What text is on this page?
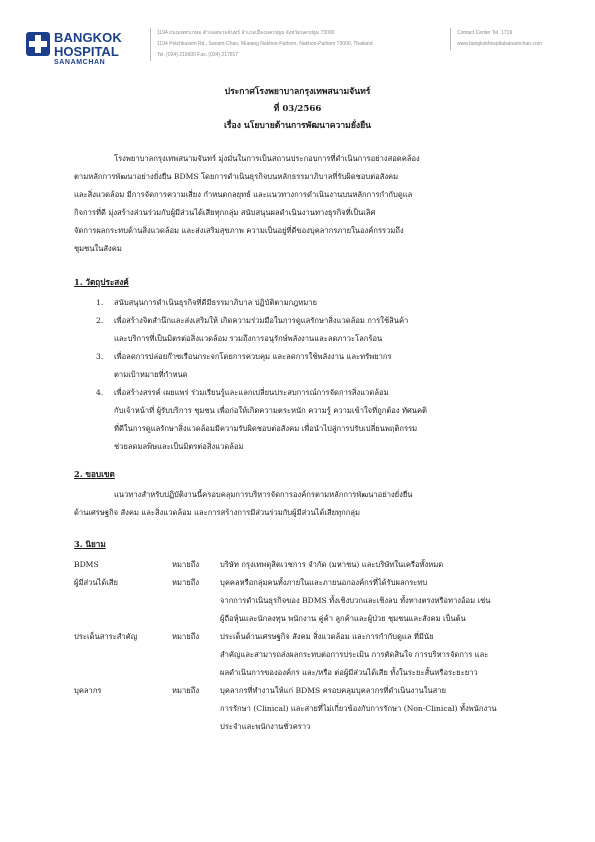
BANGKOK
HOSPITAL
SANAMCHAN
1194 ถนนเพชรเกษม ตำบลสนามจันทร์ อำเภอเมืองนครปฐม จังหวัดนครปฐม 73000
1194 Petchkasem Rd., Sanam-Chan, Mueang Nakhon-Pathom, Nakhon-Pathom 73000, Thailand
Tel. (034) 219600 Fax. (034) 217817
Contact Center Tel. 1719
www.bangkokhospitalsanamchan.com
ประกาศโรงพยาบาลกรุงเทพสนามจันทร์
ที่ 03/2566
เรื่อง นโยบายด้านการพัฒนาความยั่งยืน
โรงพยาบาลกรุงเทพสนามจันทร์ มุ่งมั่นในการเป็นสถานประกอบการที่ดำเนินการอย่างสอดคล้อง
ตามหลักการพัฒนาอย่างยั่งยืน BDMS โดยการดำเนินธุรกิจบนหลักธรรมาภิบาลที่รับผิดชอบต่อสังคม
และสิ่งแวดล้อม มีการจัดการความเสี่ยง กำหนดกลยุทธ์ และแนวทางการดำเนินงานบนหลักการกำกับดูแล
กิจการที่ดี มุ่งสร้างส่วนร่วมกับผู้มีส่วนได้เสียทุกกลุ่ม สนับสนุนผลดำเนินงานทางธุรกิจที่เป็นเลิศ
จัดการผลกระทบด้านสิ่งแวดล้อม และส่งเสริมสุขภาพ ความเป็นอยู่ที่ดีของบุคลากรภายในองค์กรรวมถึง
ชุมชนในสังคม
1. วัตถุประสงค์
1. สนับสนุนการดำเนินธุรกิจที่ดีมีธรรมาภิบาล ปฏิบัติตามกฎหมาย
2. เพื่อสร้างจิตสำนึกและส่งเสริมให้ เกิดความร่วมมือในการดูแลรักษาสิ่งแวดล้อม การใช้สินค้า
และบริการที่เป็นมิตรต่อสิ่งแวดล้อม รวมถึงการอนุรักษ์พลังงานและลดภาวะโลกร้อน
3. เพื่อลดการปล่อยก๊าซเรือนกระจกโดยการควบคุม และลดการใช้พลังงาน และทรัพยากร
ตามเป้าหมายที่กำหนด
4. เพื่อสร้างสรรค์ เผยแพร่ ร่วมเรียนรู้และแลกเปลี่ยนประสบการณ์การจัดการสิ่งแวดล้อม
กับเจ้าหน้าที่ ผู้รับบริการ ชุมชน เพื่อก่อให้เกิดความตระหนัก ความรู้ ความเข้าใจที่ถูกต้อง ทัศนคติ
ที่ดีในการดูแลรักษาสิ่งแวดล้อมมีความรับผิดชอบต่อสังคม เพื่อนำไปสู่การปรับเปลี่ยนพฤติกรรม
ช่วยลดมลพิษและเป็นมิตรต่อสิ่งแวดล้อม
2. ขอบเขต
แนวทางสำหรับปฏิบัติงานนี้ครอบคลุมการบริหารจัดการองค์กรตามหลักการพัฒนาอย่างยั่งยืน
ด้านเศรษฐกิจ สังคม และสิ่งแวดล้อม และการสร้างการมีส่วนร่วมกับผู้มีส่วนได้เสียทุกกลุ่ม
3. นิยาม
BDMS	หมายถึง	บริษัท กรุงเทพดุสิตเวชการ จำกัด (มหาชน) และบริษัทในเครือทั้งหมด
ผู้มีส่วนได้เสีย	หมายถึง	บุคคลหรือกลุ่มคนทั้งภายในและภายนอกองค์กรที่ได้รับผลกระทบ
จากการดำเนินธุรกิจของ BDMS ทั้งเชิงบวกและเชิงลบ ทั้งทางตรงหรือทางอ้อม เช่น
ผู้ถือหุ้นและนักลงทุน พนักงาน คู่ค้า ลูกค้าและผู้ป่วย ชุมชนและสังคม เป็นต้น
ประเด็นสาระสำคัญ	หมายถึง	ประเด็นด้านเศรษฐกิจ สังคม สิ่งแวดล้อม และการกำกับดูแล ที่มีนัย
สำคัญและสามารถส่งผลกระทบต่อการประเมิน การตัดสินใจ การบริหารจัดการ และ
ผลดำเนินการขององค์กร และ/หรือ ต่อผู้มีส่วนได้เสีย ทั้งในระยะสั้นหรือระยะยาว
บุคลากร	หมายถึง	บุคลากรที่ทำงานให้แก่ BDMS ครอบคลุมบุคลากรที่ดำเนินงานในสาย
การรักษา (Clinical) และสายที่ไม่เกี่ยวข้องกับการรักษา (Non-Clinical) ทั้งพนักงาน
ประจำและพนักงานชั่วคราว
